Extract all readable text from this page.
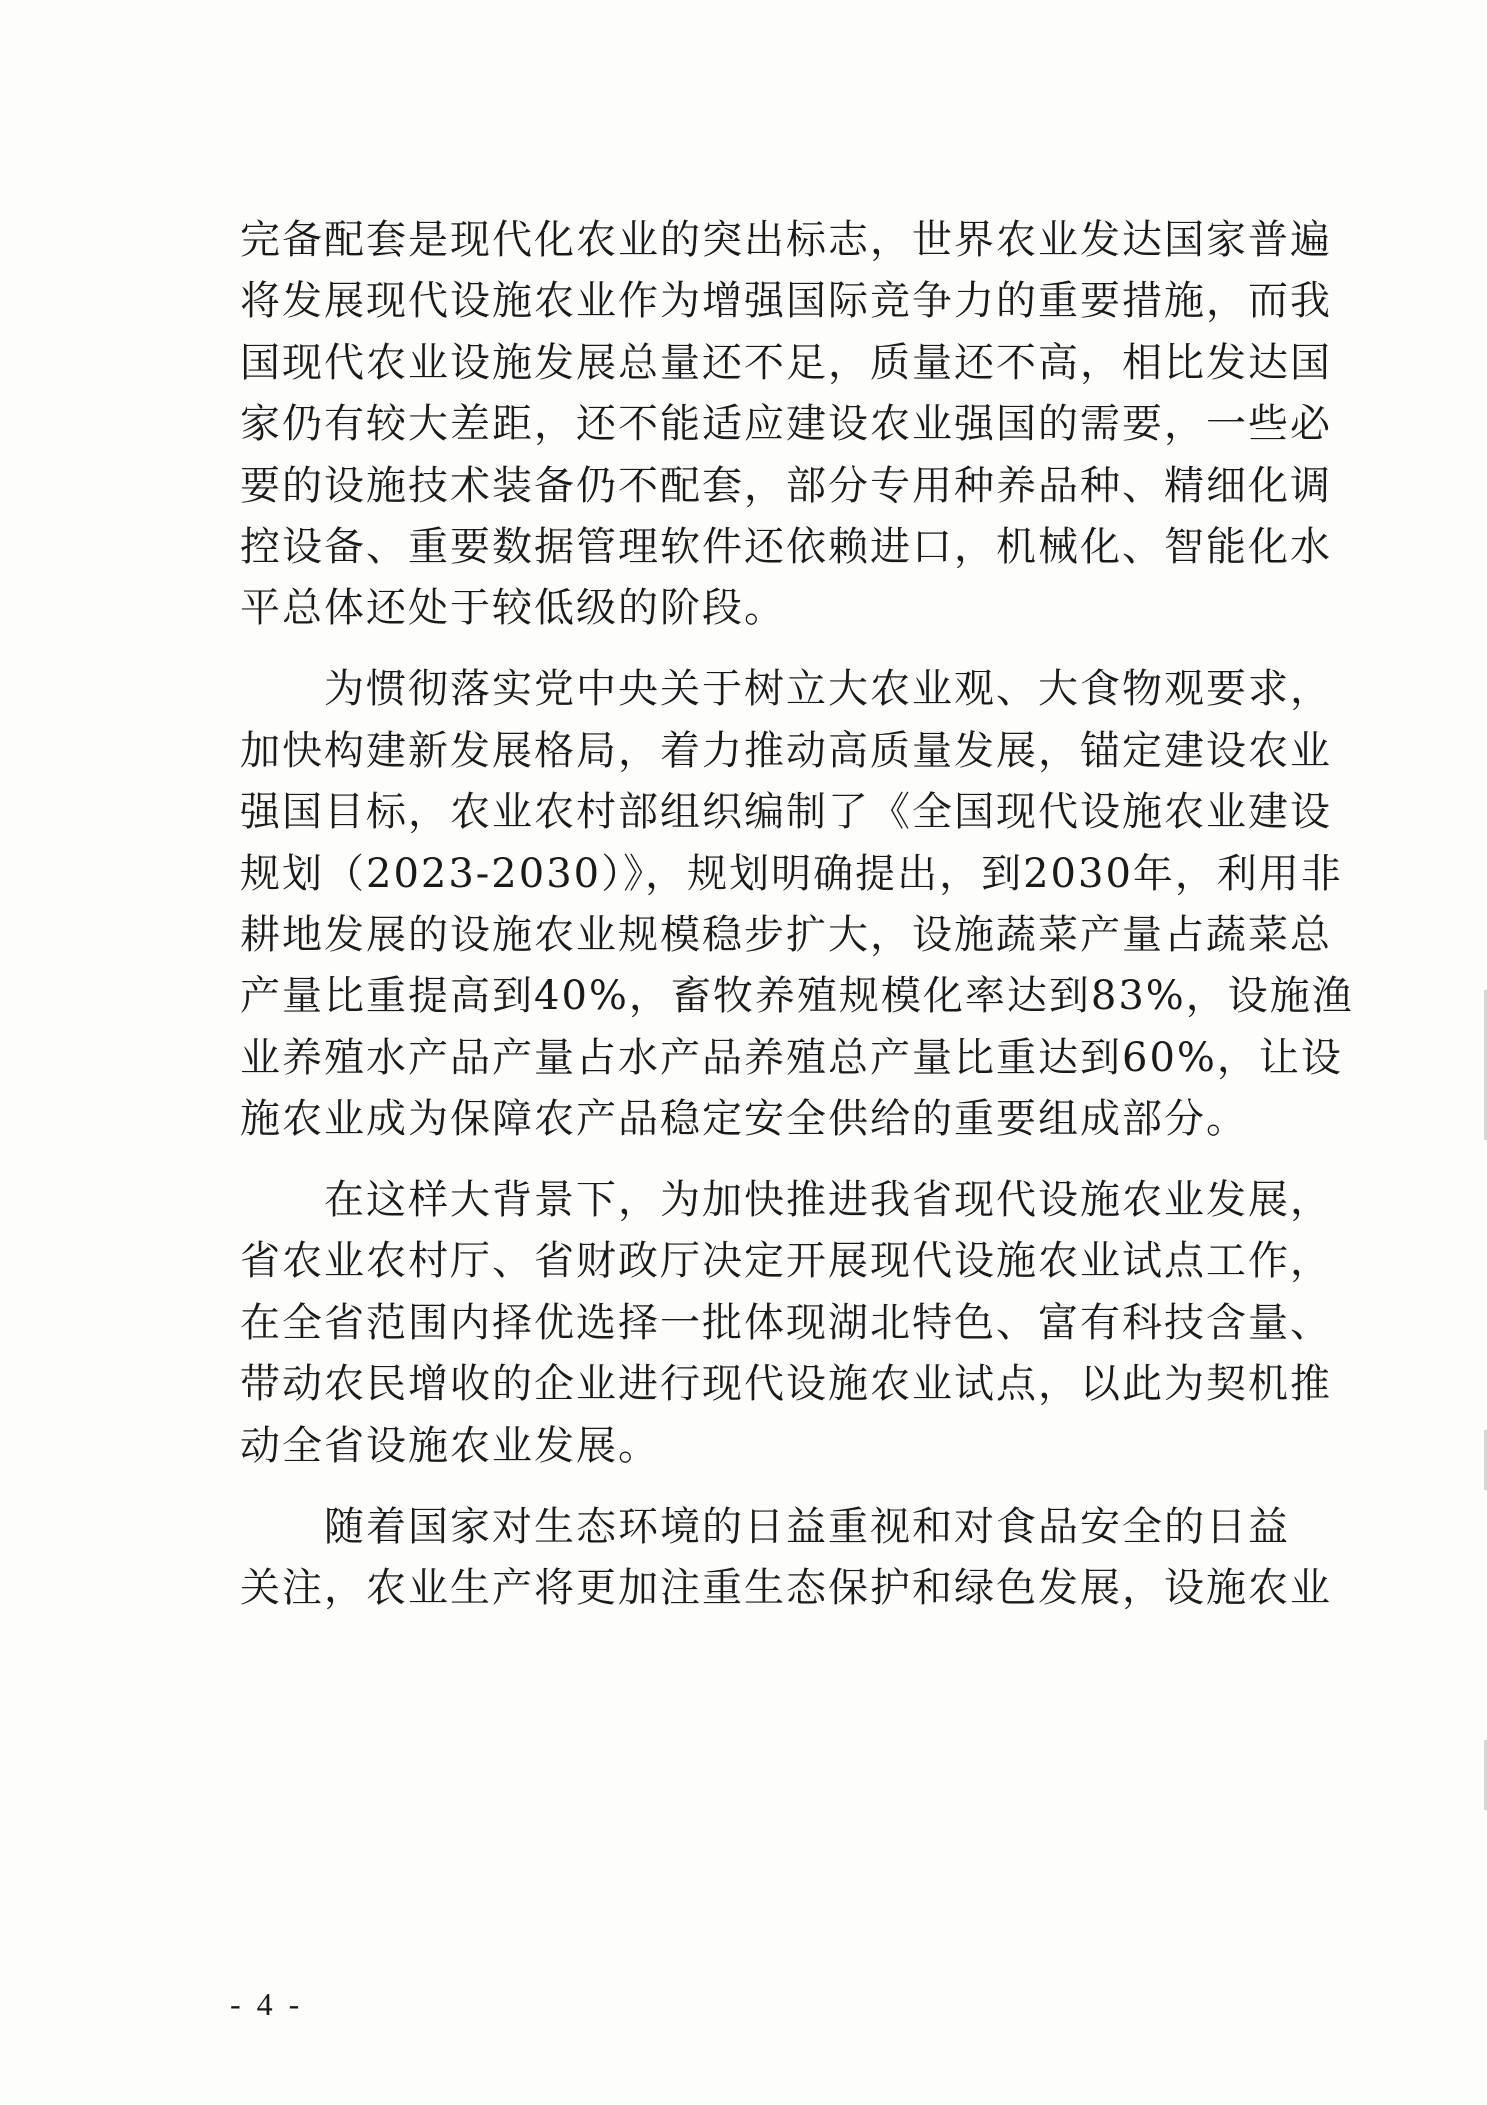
完备配套是现代化农业的突出标志，世界农业发达国家普遍
将发展现代设施农业作为增强国际竞争力的重要措施，而我
国现代农业设施发展总量还不足，质量还不高，相比发达国
家仍有较大差距，还不能适应建设农业强国的需要，一些必
要的设施技术装备仍不配套，部分专用种养品种、精细化调
控设备、重要数据管理软件还依赖进口，机械化、智能化水
平总体还处于较低级的阶段。
　　为惯彻落实党中央关于树立大农业观、大食物观要求，
加快构建新发展格局，着力推动高质量发展，锚定建设农业
强国目标，农业农村部组织编制了《全国现代设施农业建设
规划（2023-2030）》，规划明确提出，到2030年，利用非
耕地发展的设施农业规模稳步扩大，设施蔬菜产量占蔬菜总
产量比重提高到40%，畜牧养殖规模化率达到83%，设施渔
业养殖水产品产量占水产品养殖总产量比重达到60%，让设
施农业成为保障农产品稳定安全供给的重要组成部分。
　　在这样大背景下，为加快推进我省现代设施农业发展，
省农业农村厅、省财政厅决定开展现代设施农业试点工作，
在全省范围内择优选择一批体现湖北特色、富有科技含量、
带动农民增收的企业进行现代设施农业试点，以此为契机推
动全省设施农业发展。
　　随着国家对生态环境的日益重视和对食品安全的日益
关注，农业生产将更加注重生态保护和绿色发展，设施农业
- 4 -
